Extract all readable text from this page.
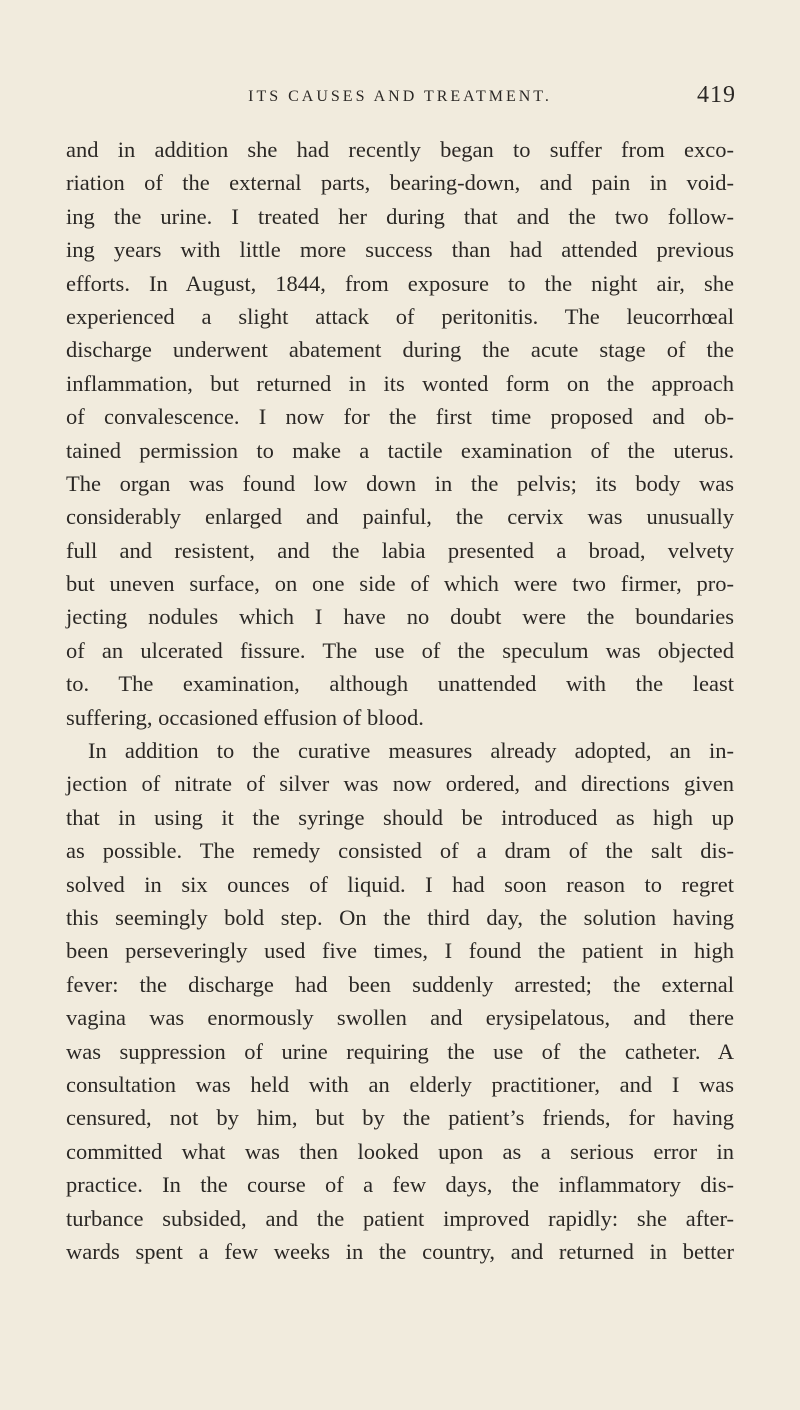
ITS CAUSES AND TREATMENT.	419
and in addition she had recently began to suffer from exco-
riation of the external parts, bearing-down, and pain in void-
ing the urine. I treated her during that and the two follow-
ing years with little more success than had attended previous
efforts. In August, 1844, from exposure to the night air, she
experienced a slight attack of peritonitis. The leucorrhœal
discharge underwent abatement during the acute stage of the
inflammation, but returned in its wonted form on the approach
of convalescence. I now for the first time proposed and ob-
tained permission to make a tactile examination of the uterus.
The organ was found low down in the pelvis; its body was
considerably enlarged and painful, the cervix was unusually
full and resistent, and the labia presented a broad, velvety
but uneven surface, on one side of which were two firmer, pro-
jecting nodules which I have no doubt were the boundaries
of an ulcerated fissure. The use of the speculum was objected
to. The examination, although unattended with the least
suffering, occasioned effusion of blood.
In addition to the curative measures already adopted, an in-
jection of nitrate of silver was now ordered, and directions given
that in using it the syringe should be introduced as high up
as possible. The remedy consisted of a dram of the salt dis-
solved in six ounces of liquid. I had soon reason to regret
this seemingly bold step. On the third day, the solution having
been perseveringly used five times, I found the patient in high
fever: the discharge had been suddenly arrested; the external
vagina was enormously swollen and erysipelatous, and there
was suppression of urine requiring the use of the catheter. A
consultation was held with an elderly practitioner, and I was
censured, not by him, but by the patient’s friends, for having
committed what was then looked upon as a serious error in
practice. In the course of a few days, the inflammatory dis-
turbance subsided, and the patient improved rapidly: she after-
wards spent a few weeks in the country, and returned in better
